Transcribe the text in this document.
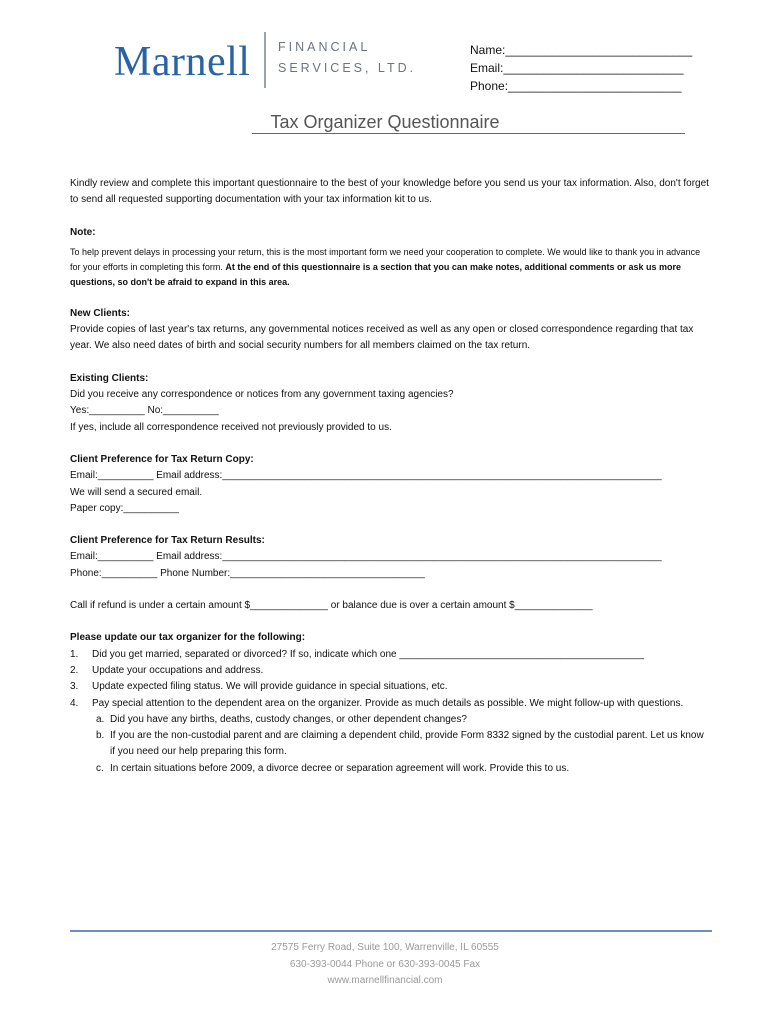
Marnell FINANCIAL
SERVICES, LTD.
Name:____________________________
Email:___________________________
Phone:__________________________
Tax Organizer Questionnaire

Kindly review and complete this important questionnaire to the best of your knowledge before you send us your tax information. Also, don't forget to send all requested supporting documentation with your tax information kit to us.

Note:

To help prevent delays in processing your return, this is the most important form we need your cooperation to complete. We would like to thank you in advance for your efforts in completing this form. At the end of this questionnaire is a section that you can make notes, additional comments or ask us more questions, so don't be afraid to expand in this area.

New Clients:

Provide copies of last year's tax returns, any governmental notices received as well as any open or closed correspondence regarding that tax year. We also need dates of birth and social security numbers for all members claimed on the tax return.

Existing Clients:

Did you receive any correspondence or notices from any government taxing agencies?

Yes:__________ No:__________

If yes, include all correspondence received not previously provided to us.

Client Preference for Tax Return Copy:

Email:__________ Email address:_______________________________________________________________________________

We will send a secured email.

Paper copy:__________

Client Preference for Tax Return Results:

Email:__________ Email address:_______________________________________________________________________________

Phone:__________ Phone Number:___________________________________

Call if refund is under a certain amount $______________ or balance due is over a certain amount $______________

Please update our tax organizer for the following:

1.	Did you get married, separated or divorced? If so, indicate which one ____________________________________________
2.	Update your occupations and address.
3.	Update expected filing status. We will provide guidance in special situations, etc.
4.	Pay special attention to the dependent area on the organizer. Provide as much details as possible. We might follow-up with questions.
a. Did you have any births, deaths, custody changes, or other dependent changes?
b. If you are the non-custodial parent and are claiming a dependent child, provide Form 8332 signed by the custodial parent. Let us know if you need our help preparing this form.
c. In certain situations before 2009, a divorce decree or separation agreement will work. Provide this to us.
27575 Ferry Road, Suite 100, Warrenville, IL 60555
630-393-0044 Phone or 630-393-0045 Fax
www.marnellfinancial.com
